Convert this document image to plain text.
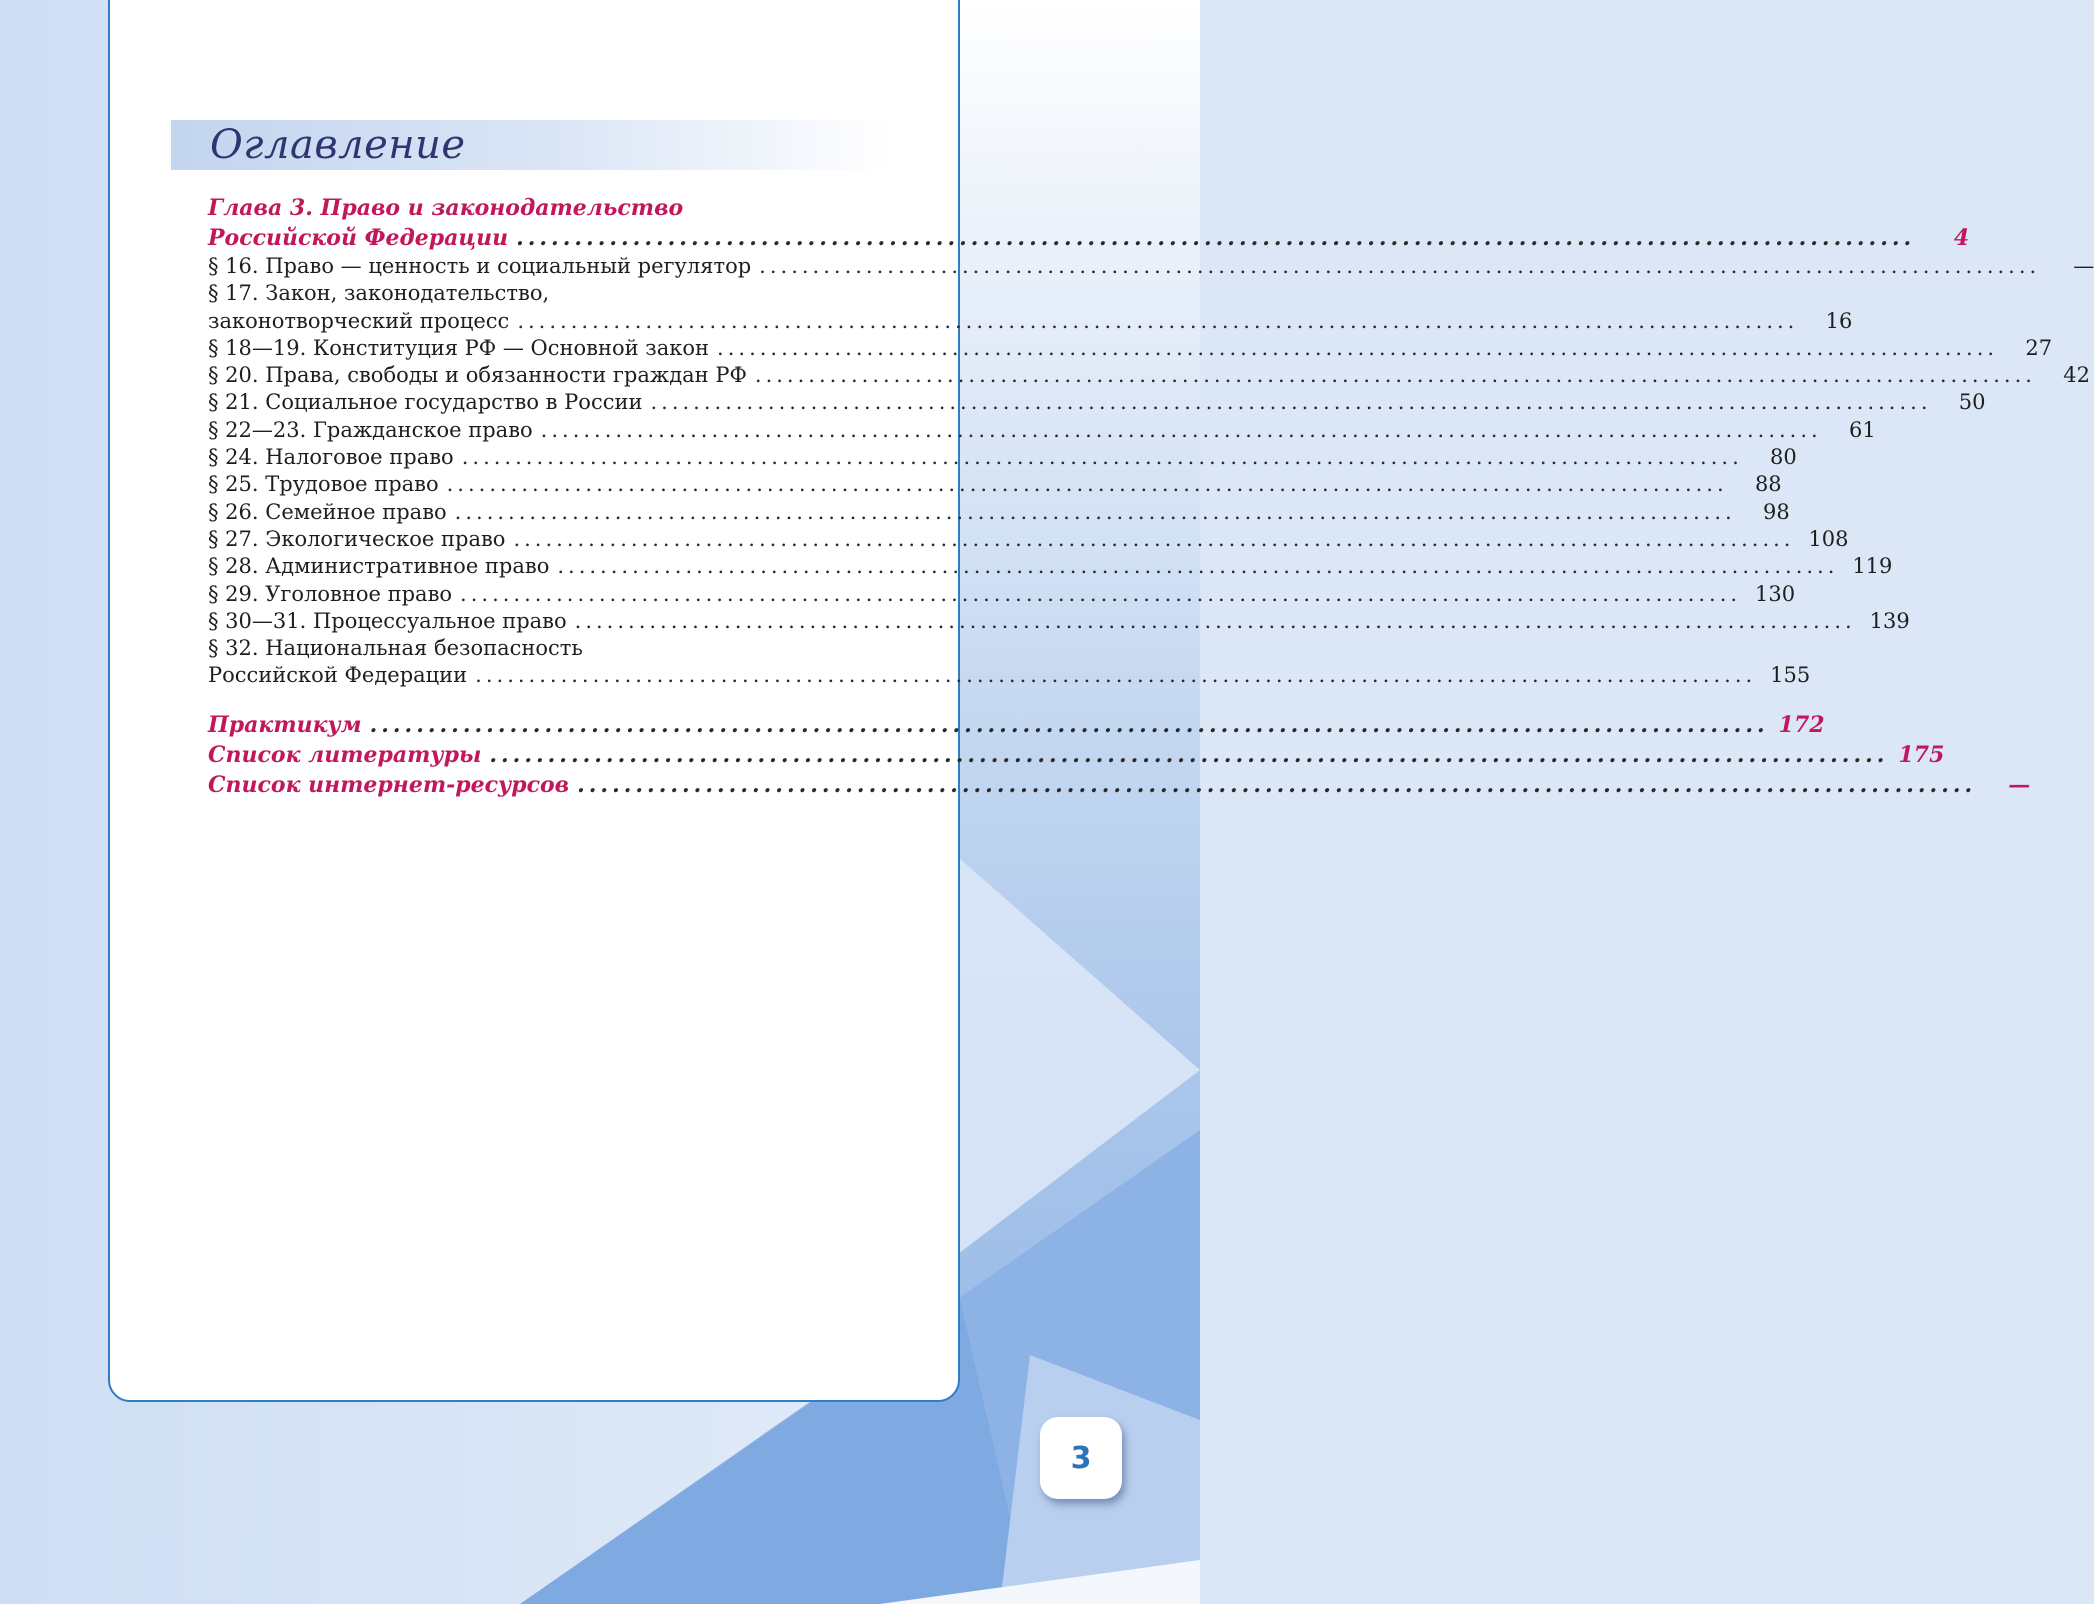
Оглавление
Глава 3. Право и законодательство
Российской Федерации ........................................................................................................................	4
§ 16. Право — ценность и социальный регулятор ........................................................................................................................	—
§ 17. Закон, законодательство,
законотворческий процесс ........................................................................................................................	16
§ 18—19. Конституция РФ — Основной закон ........................................................................................................................	27
§ 20. Права, свободы и обязанности граждан РФ ........................................................................................................................	42
§ 21. Социальное государство в России ........................................................................................................................	50
§ 22—23. Гражданское право ........................................................................................................................	61
§ 24. Налоговое право ........................................................................................................................	80
§ 25. Трудовое право ........................................................................................................................	88
§ 26. Семейное право ........................................................................................................................	98
§ 27. Экологическое право ........................................................................................................................ 108
§ 28. Административное право ........................................................................................................................ 119
§ 29. Уголовное право ........................................................................................................................ 130
§ 30—31. Процессуальное право ........................................................................................................................ 139
§ 32. Национальная безопасность
Российской Федерации ........................................................................................................................ 155
Практикум ........................................................................................................................ 172
Список литературы ........................................................................................................................ 175
Список интернет-ресурсов ........................................................................................................................	—
3
